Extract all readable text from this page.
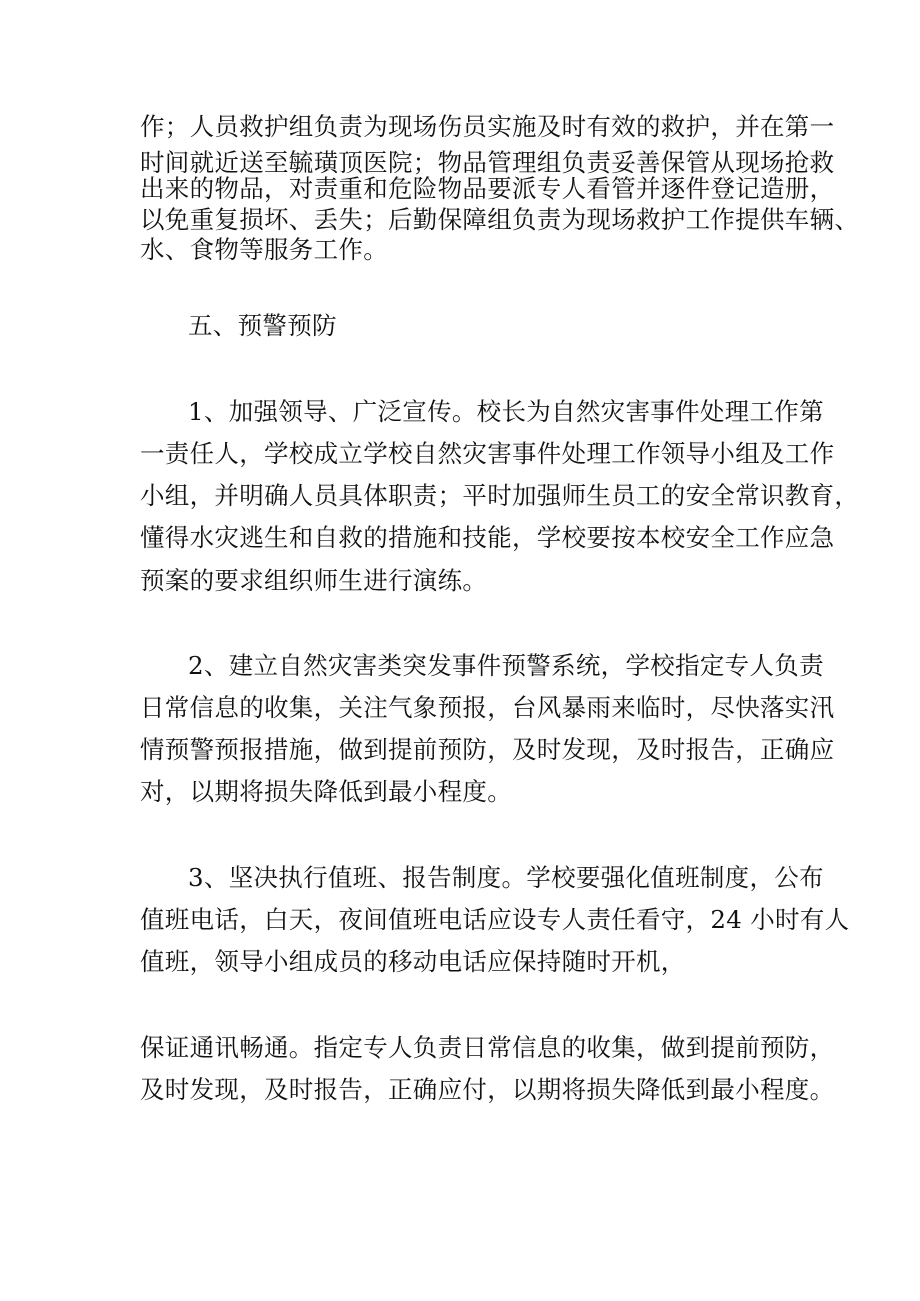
作；人员救护组负责为现场伤员实施及时有效的救护，并在第一
时间就近送至毓璜顶医院；物品管理组负责妥善保管从现场抢救
出来的物品，对责重和危险物品要派专人看管并逐件登记造册，
以免重复损坏、丢失；后勤保障组负责为现场救护工作提供车辆、
水、食物等服务工作。
五、预警预防
1、加强领导、广泛宣传。校长为自然灾害事件处理工作第
一责任人，学校成立学校自然灾害事件处理工作领导小组及工作
小组，并明确人员具体职责；平时加强师生员工的安全常识教育，
懂得水灾逃生和自救的措施和技能，学校要按本校安全工作应急
预案的要求组织师生进行演练。
2、建立自然灾害类突发事件预警系统，学校指定专人负责
日常信息的收集，关注气象预报，台风暴雨来临时，尽快落实汛
情预警预报措施，做到提前预防，及时发现，及时报告，正确应
对，以期将损失降低到最小程度。
3、坚决执行值班、报告制度。学校要强化值班制度，公布
值班电话，白天，夜间值班电话应设专人责任看守，24 小时有人
值班，领导小组成员的移动电话应保持随时开机，
保证通讯畅通。指定专人负责日常信息的收集，做到提前预防，
及时发现，及时报告，正确应付，以期将损失降低到最小程度。
